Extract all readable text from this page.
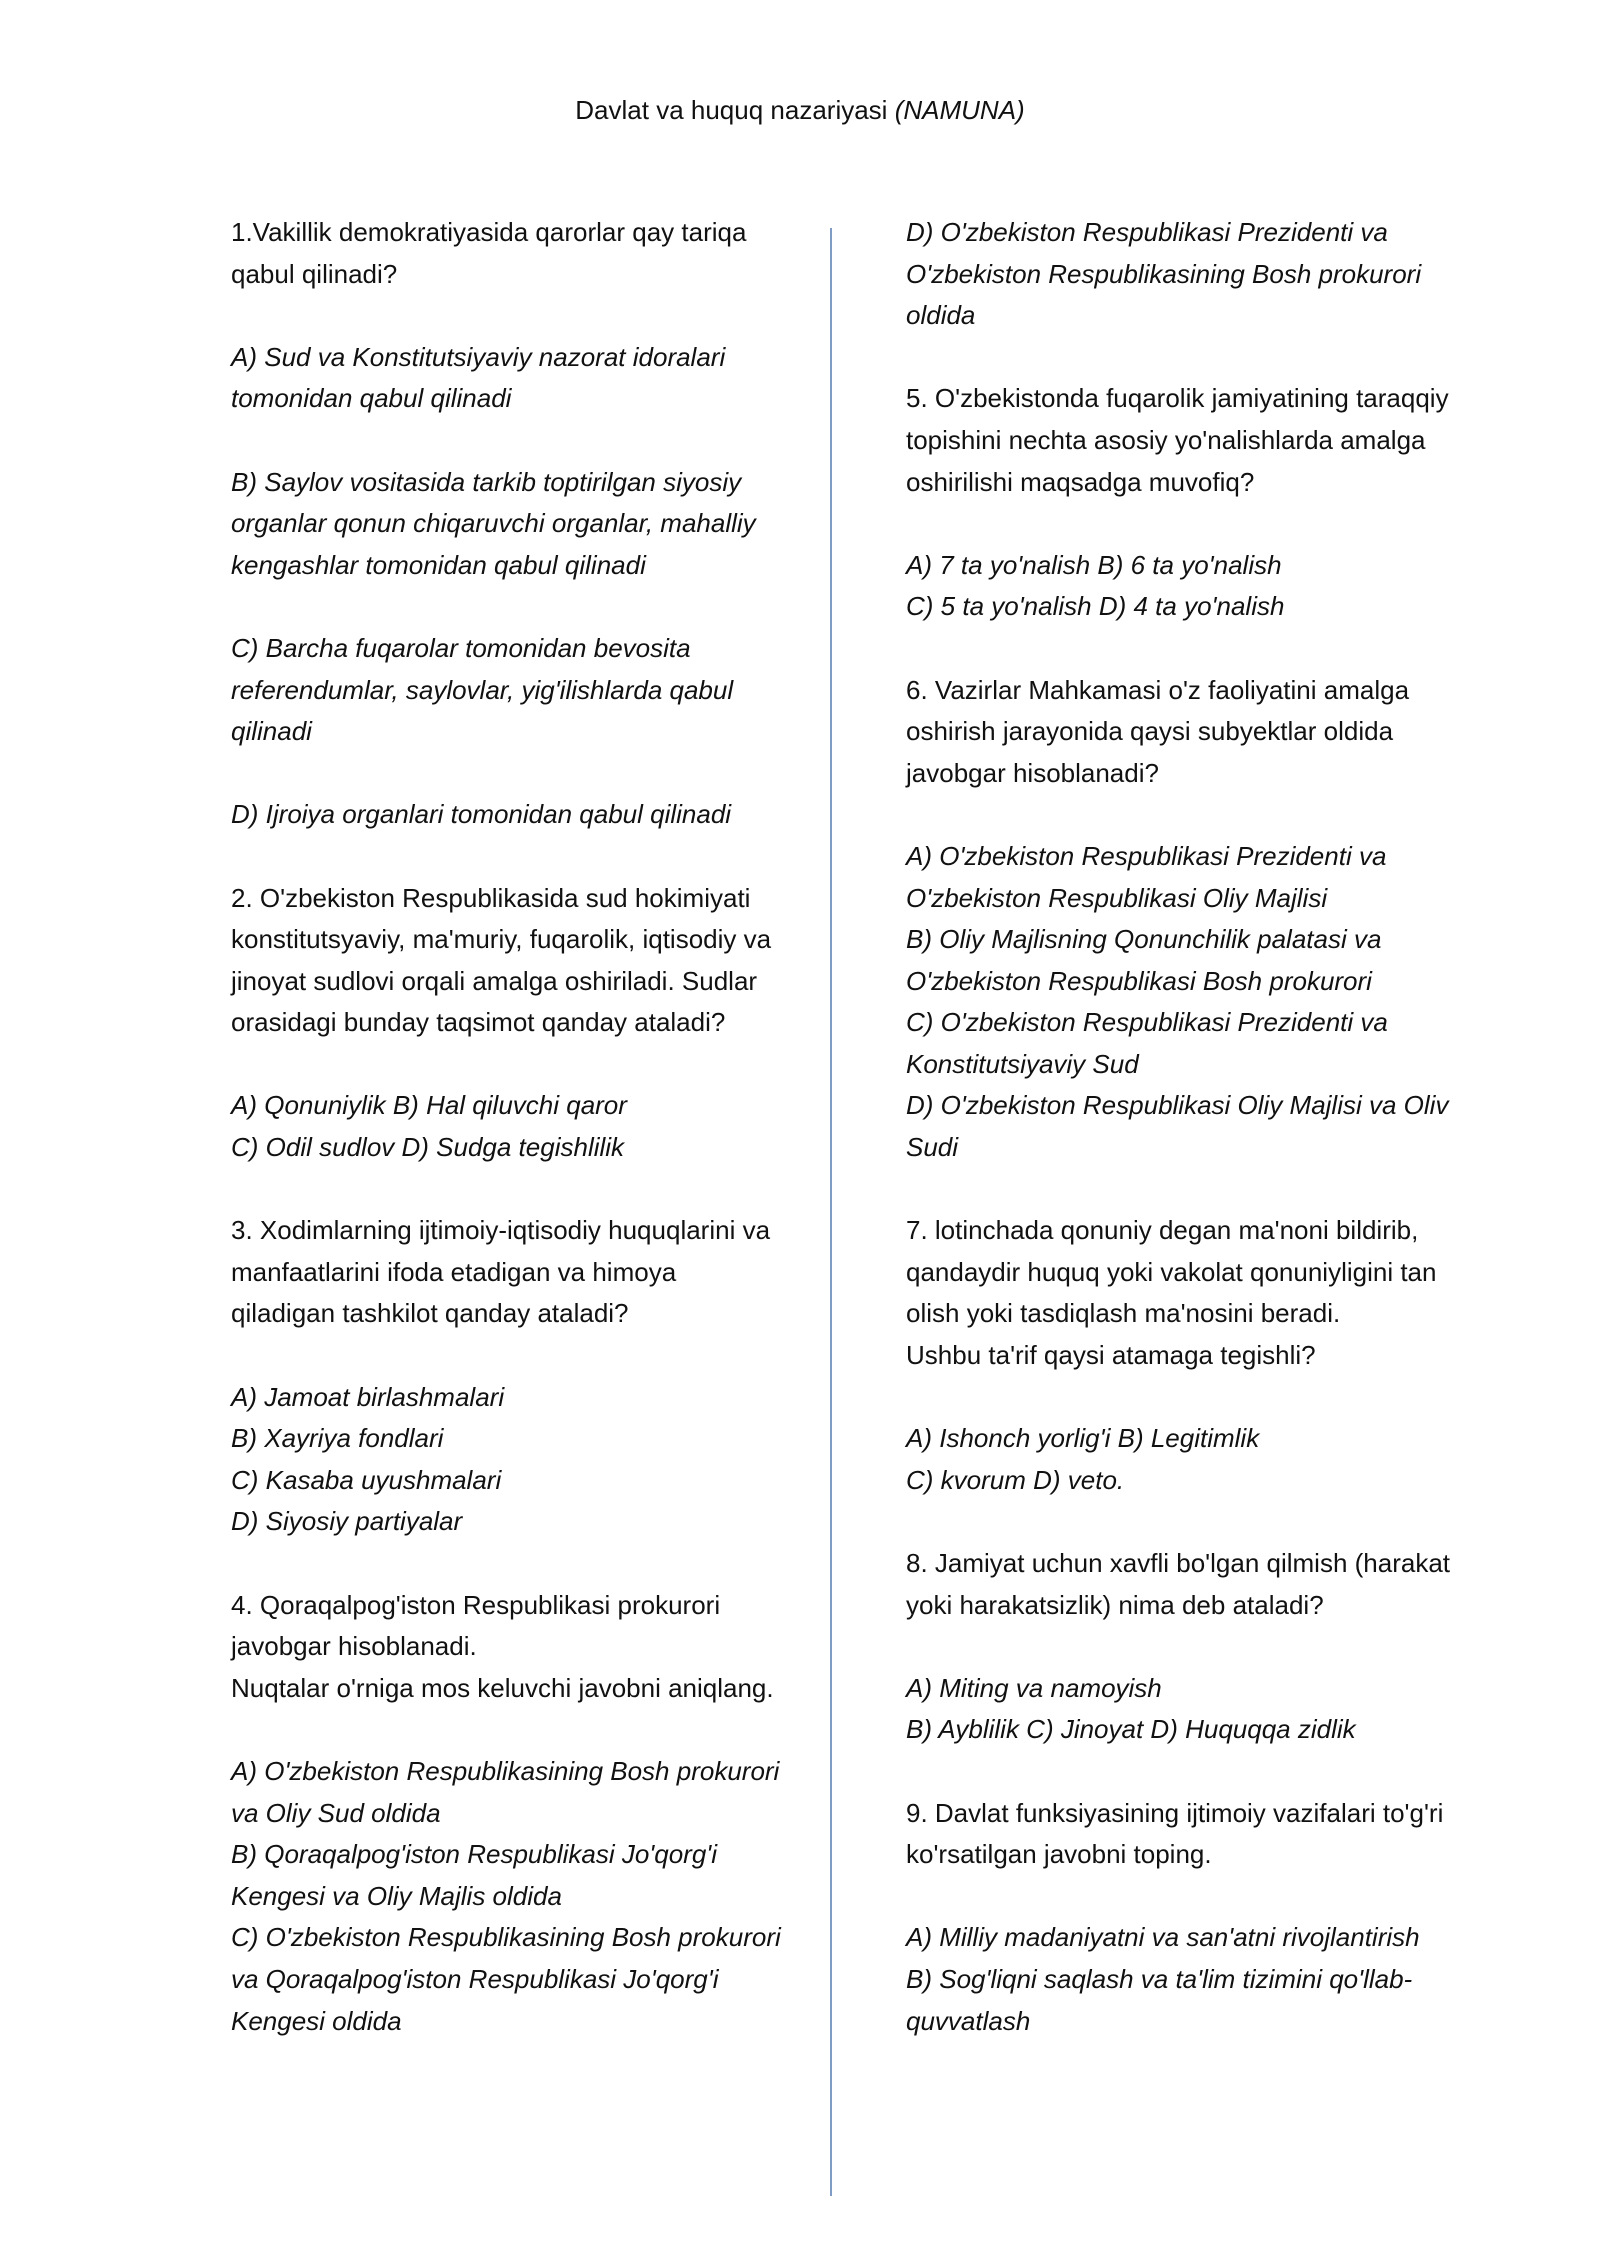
Davlat va huquq nazariyasi (NAMUNA)
1.Vakillik demokratiyasida qarorlar qay tariqa
qabul qilinadi?
A) Sud va Konstitutsiyaviy nazorat idoralari
tomonidan qabul qilinadi
B) Saylov vositasida tarkib toptirilgan siyosiy
organlar qonun chiqaruvchi organlar, mahalliy
kengashlar tomonidan qabul qilinadi
C) Barcha fuqarolar tomonidan bevosita
referendumlar, saylovlar, yig'ilishlarda qabul
qilinadi
D) Ijroiya organlari tomonidan qabul qilinadi
2. O'zbekiston Respublikasida sud hokimiyati
konstitutsyaviy, ma'muriy, fuqarolik, iqtisodiy va
jinoyat sudlovi orqali amalga oshiriladi. Sudlar
orasidagi bunday taqsimot qanday ataladi?
A) Qonuniylik B) Hal qiluvchi qaror
C) Odil sudlov D) Sudga tegishlilik
3. Xodimlarning ijtimoiy-iqtisodiy huquqlarini va
manfaatlarini ifoda etadigan va himoya
qiladigan tashkilot qanday ataladi?
A) Jamoat birlashmalari
B) Xayriya fondlari
C) Kasaba uyushmalari
D) Siyosiy partiyalar
4. Qoraqalpog'iston Respublikasi prokurori
javobgar hisoblanadi.
Nuqtalar o'rniga mos keluvchi javobni aniqlang.
A) O'zbekiston Respublikasining Bosh prokurori
va Oliy Sud oldida
B) Qoraqalpog'iston Respublikasi Jo'qorg'i
Kengesi va Oliy Majlis oldida
C) O'zbekiston Respublikasining Bosh prokurori
va Qoraqalpog'iston Respublikasi Jo'qorg'i
Kengesi oldida
D) O'zbekiston Respublikasi Prezidenti va
O'zbekiston Respublikasining Bosh prokurori
oldida
5. O'zbekistonda fuqarolik jamiyatining taraqqiy
topishini nechta asosiy yo'nalishlarda amalga
oshirilishi maqsadga muvofiq?
A) 7 ta yo'nalish B) 6 ta yo'nalish
C) 5 ta yo'nalish D) 4 ta yo'nalish
6. Vazirlar Mahkamasi o'z faoliyatini amalga
oshirish jarayonida qaysi subyektlar oldida
javobgar hisoblanadi?
A) O'zbekiston Respublikasi Prezidenti va
O'zbekiston Respublikasi Oliy Majlisi
B) Oliy Majlisning Qonunchilik palatasi va
O'zbekiston Respublikasi Bosh prokurori
C) O'zbekiston Respublikasi Prezidenti va
Konstitutsiyaviy Sud
D) O'zbekiston Respublikasi Oliy Majlisi va Oliv
Sudi
7. lotinchada qonuniy degan ma'noni bildirib,
qandaydir huquq yoki vakolat qonuniyligini tan
olish yoki tasdiqlash ma'nosini beradi.
Ushbu ta'rif qaysi atamaga tegishli?
A) Ishonch yorlig'i B) Legitimlik
C) kvorum D) veto.
8. Jamiyat uchun xavfli bo'lgan qilmish (harakat
yoki harakatsizlik) nima deb ataladi?
A) Miting va namoyish
B) Ayblilik C) Jinoyat D) Huquqqa zidlik
9. Davlat funksiyasining ijtimoiy vazifalari to'g'ri
ko'rsatilgan javobni toping.
A) Milliy madaniyatni va san'atni rivojlantirish
B) Sog'liqni saqlash va ta'lim tizimini qo'llab-
quvvatlash
